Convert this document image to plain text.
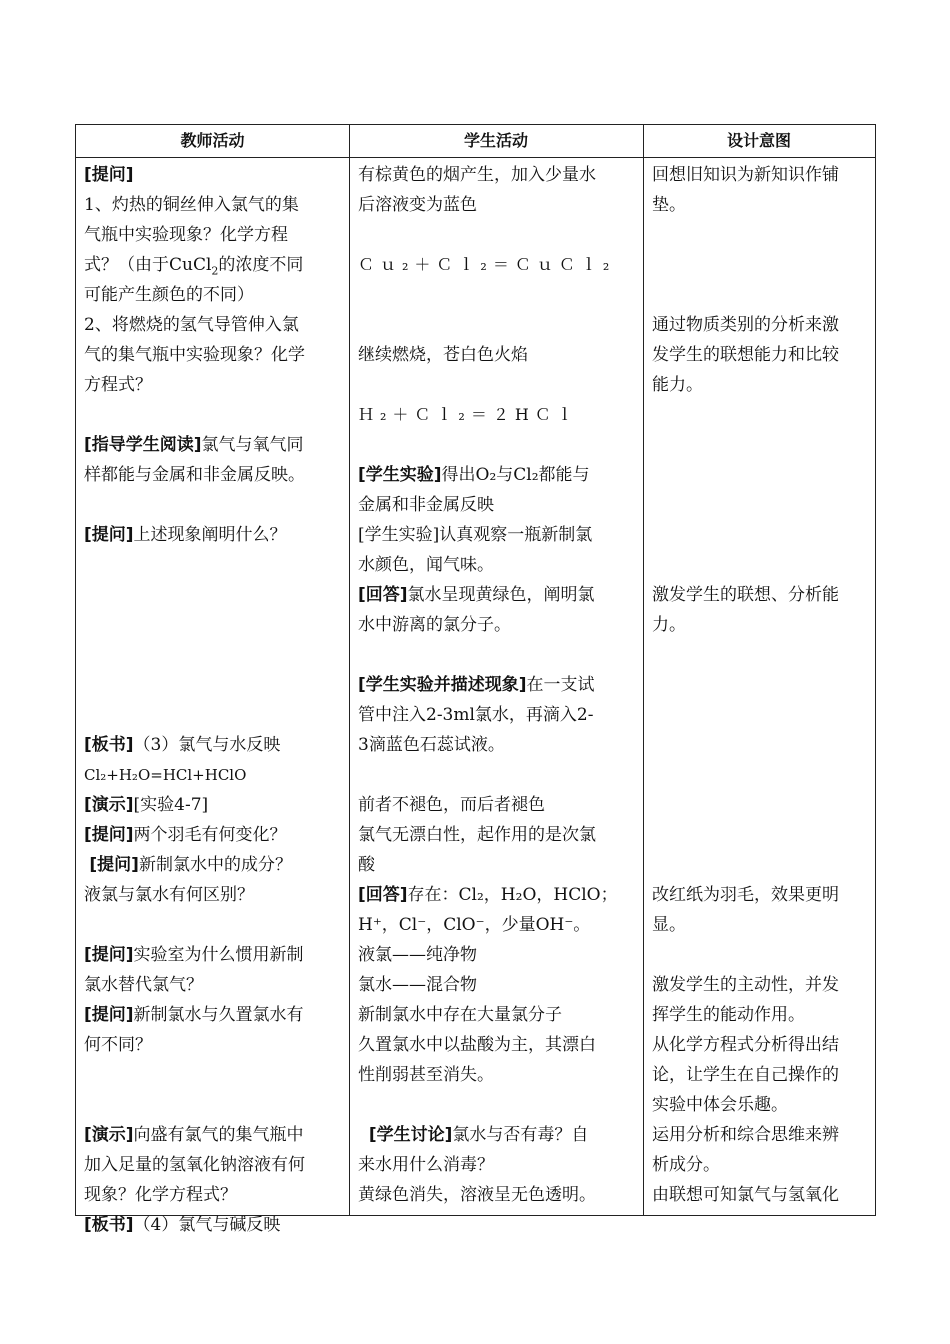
教师活动	学生活动	设计意图
[提问]
1、灼热的铜丝伸入氯气的集
气瓶中实验现象？化学方程
式？（由于CuCl$_2$的浓度不同
可能产生颜色的不同）
2、将燃烧的氢气导管伸入氯
气的集气瓶中实验现象？化学
方程式？
[指导学生阅读]氯气与氧气同
样都能与金属和非金属反映。
[提问]上述现象阐明什么？
[板书]（3）氯气与水反映
Cl₂+H₂O=HCl+HClO
[演示][实验4-7]
[提问]两个羽毛有何变化？
[提问]新制氯水中的成分？
液氯与氯水有何区别？
[提问]实验室为什么惯用新制
氯水替代氯气？
[提问]新制氯水与久置氯水有
何不同？
[演示]向盛有氯气的集气瓶中
加入足量的氢氧化钠溶液有何
现象？化学方程式？
[板书]（4）氯气与碱反映
有棕黄色的烟产生，加入少量水
后溶液变为蓝色
Ｃｕ₂＋Ｃｌ₂＝ＣｕＣｌ₂
继续燃烧，苍白色火焰
Ｈ₂＋Ｃｌ₂＝２HＣｌ
[学生实验]得出O₂与Cl₂都能与
金属和非金属反映
[学生实验]认真观察一瓶新制氯
水颜色，闻气味。
[回答]氯水呈现黄绿色，阐明氯
水中游离的氯分子。
[学生实验并描述现象]在一支试
管中注入2-3ml氯水，再滴入2-
3滴蓝色石蕊试液。
前者不褪色，而后者褪色
氯气无漂白性，起作用的是次氯
酸
[回答]存在：Cl₂，H₂O，HClO；
H⁺，Cl⁻，ClO⁻，少量OH⁻。
液氯——纯净物
氯水——混合物
新制氯水中存在大量氯分子
久置氯水中以盐酸为主，其漂白
性削弱甚至消失。
[学生讨论]氯水与否有毒？自
来水用什么消毒？
黄绿色消失，溶液呈无色透明。
回想旧知识为新知识作铺
垫。
通过物质类别的分析来激
发学生的联想能力和比较
能力。
激发学生的联想、分析能
力。
改红纸为羽毛，效果更明
显。
激发学生的主动性，并发
挥学生的能动作用。
从化学方程式分析得出结
论，让学生在自己操作的
实验中体会乐趣。
运用分析和综合思维来辨
析成分。
由联想可知氯气与氢氧化
